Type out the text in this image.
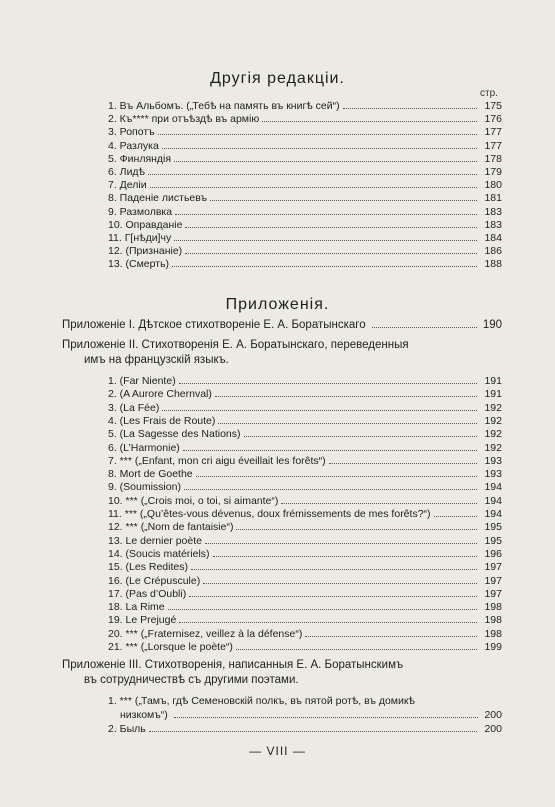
Другія редакціи.
стр.
1. Въ Альбомъ. („Тебѣ на память въ книгѣ сей“)	175
2. Къ**** при отъѣздѣ въ армію	176
3. Ропотъ	177
4. Разлука	177
5. Финляндія	178
6. Лидѣ	179
7. Деліи	180
8. Паденіе листьевъ	181
9. Размолвка	183
10. Оправданіе	183
11. Г[нѣди]чу	184
12. (Признаніе)	186
13. (Смерть)	188
Приложенія.
Приложеніе I. Дѣтское стихотвореніе Е. А. Боратынскаго	190
Приложеніе II. Стихотворенія Е. А. Боратынскаго, переведенныя
имъ на французскій языкъ.
1. (Far Niente)	191
2. (A Aurore Chernval)	191
3. (La Fée)	192
4. (Les Frais de Route)	192
5. (La Sagesse des Nations)	192
6. (L’Harmonie)	192
7. *** („Enfant, mon cri aigu éveillait les forêts“)	193
8. Mort de Goethe	193
9. (Soumission)	194
10. *** („Crois moi, o toi, si aimante“)	194
11. *** („Qu’êtes-vous dévenus, doux frémissements de mes forêts?“)	194
12. *** („Nom de fantaisie“)	195
13. Le dernier poète	195
14. (Soucis matériels)	196
15. (Les Redites)	197
16. (Le Crépuscule)	197
17. (Pas d’Oubli)	197
18. La Rime	198
19. Le Prejugé	198
20. *** („Fraternisez, veillez à la défense“)	198
21. *** („Lorsque le poète“)	199
Приложеніе III. Стихотворенія, написанныя Е. А. Боратынскимъ
въ сотрудничествѣ съ другими поэтами.
1. *** („Тамъ, гдѣ Семеновскій полкъ, въ пятой ротѣ, въ домикѣ
низкомъ“)	200
2. Быль	200
— VIII —
